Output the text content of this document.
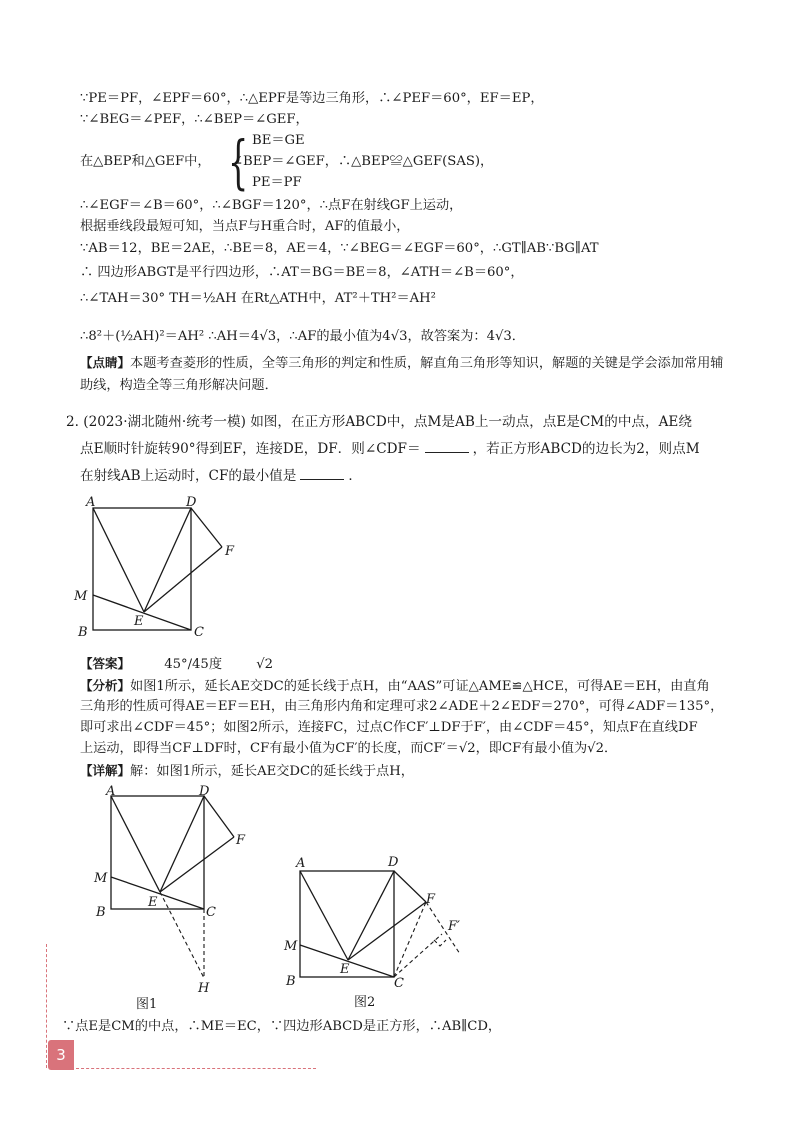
∵PE＝PF，∠EPF＝60°，∴△EPF是等边三角形，∴∠PEF＝60°，EF＝EP，
∵∠BEG＝∠PEF，∴∠BEP＝∠GEF，
在△BEP和△GEF中， { BE＝GE
∠BEP＝∠GEF，∴△BEP≌△GEF(SAS)，
PE＝PF
∴∠EGF＝∠B＝60°，∴∠BGF＝120°，∴点F在射线GF上运动，
根据垂线段最短可知，当点F与H重合时，AF的值最小，
∵AB＝12，BE＝2AE，∴BE＝8，AE＝4，∵∠BEG＝∠EGF＝60°，∴GT∥AB∵BG∥AT
∴ 四边形ABGT是平行四边形，∴AT＝BG＝BE＝8，∠ATH＝∠B＝60°，
∴∠TAH＝30° TH＝½AH 在Rt△ATH中，AT²＋TH²＝AH²
∴8²＋(½AH)²＝AH² ∴AH＝4√3，∴AF的最小值为4√3，故答案为：4√3．
【点睛】本题考查菱形的性质，全等三角形的判定和性质，解直角三角形等知识，解题的关键是学会添加常用辅
助线，构造全等三角形解决问题．
2. (2023·湖北随州·统考一模) 如图，在正方形ABCD中，点M是AB上一动点，点E是CM的中点，AE绕
点E顺时针旋转90°得到EF，连接DE，DF．则∠CDF＝	，若正方形ABCD的边长为2，则点M
在射线AB上运动时，CF的最小值是	．
A	D
F
M
E
B	C
【答案】	45°/45度	√2
【分析】如图1所示，延长AE交DC的延长线于点H，由“AAS”可证△AME≌△HCE，可得AE＝EH，由直角
三角形的性质可得AE＝EF＝EH，由三角形内角和定理可求2∠ADE＋2∠EDF＝270°，可得∠ADF＝135°，
即可求出∠CDF＝45°；如图2所示，连接FC，过点C作CF′⊥DF于F′，由∠CDF＝45°，知点F在直线DF
上运动，即得当CF⊥DF时，CF有最小值为CF′的长度，而CF′＝√2，即CF有最小值为√2．
【详解】解：如图1所示，延长AE交DC的延长线于点H，
A	D
F
M
E
B	C
H
图1
A	D
F
F′
M
E
B	C
图2
∵点E是CM的中点，∴ME＝EC，∵四边形ABCD是正方形，∴AB∥CD，
3
